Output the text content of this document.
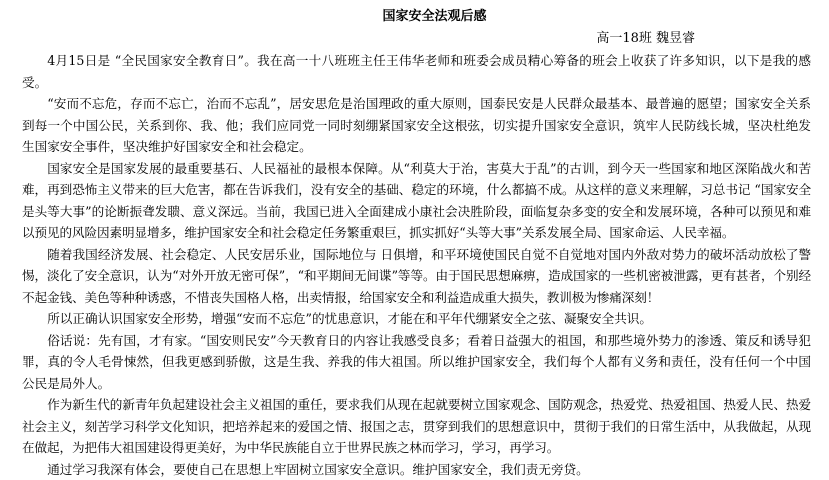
国家安全法观后感

高一18班 魏昱睿

4月15日是 “全民国家安全教育日”。我在高一十八班班主任王伟华老师和班委会成员精心筹备的班会上收获了许多知识，以下是我的感受。

“安而不忘危，存而不忘亡，治而不忘乱”，居安思危是治国理政的重大原则，国泰民安是人民群众最基本、最普遍的愿望；国家安全关系到每一个中国公民，关系到你、我、他；我们应同党一同时刻绷紧国家安全这根弦，切实提升国家安全意识，筑牢人民防线长城，坚决杜绝发生国家安全事件，坚决维护好国家安全和社会稳定。

国家安全是国家发展的最重要基石、人民福祉的最根本保障。从“利莫大于治，害莫大于乱”的古训，到今天一些国家和地区深陷战火和苦难，再到恐怖主义带来的巨大危害，都在告诉我们，没有安全的基础、稳定的环境，什么都搞不成。从这样的意义来理解，习总书记 “国家安全是头等大事”的论断振聋发聩、意义深远。当前，我国已进入全面建成小康社会决胜阶段，面临复杂多变的安全和发展环境，各种可以预见和难以预见的风险因素明显增多，维护国家安全和社会稳定任务繁重艰巨，抓实抓好“头等大事”关系发展全局、国家命运、人民幸福。

随着我国经济发展、社会稳定、人民安居乐业，国际地位与 日俱增，和平环境使国民自觉不自觉地对国内外敌对势力的破坏活动放松了警惕，淡化了安全意识，认为“对外开放无密可保”，“和平期间无间谍”等等。由于国民思想麻痹，造成国家的一些机密被泄露，更有甚者，个别经不起金钱、美色等种种诱惑，不惜丧失国格人格，出卖情报，给国家安全和利益造成重大损失，教训极为惨痛深刻！

所以正确认识国家安全形势，增强“安而不忘危”的忧患意识，才能在和平年代绷紧安全之弦、凝聚安全共识。

俗话说：先有国，才有家。“国安则民安”今天教育日的内容让我感受良多；看着日益强大的祖国，和那些境外势力的渗透、策反和诱导犯罪，真的令人毛骨悚然，但我更感到骄傲，这是生我、养我的伟大祖国。所以维护国家安全，我们每个人都有义务和责任，没有任何一个中国公民是局外人。

作为新生代的新青年负起建设社会主义祖国的重任，要求我们从现在起就要树立国家观念、国防观念，热爱党、热爱祖国、热爱人民、热爱社会主义，刻苦学习科学文化知识，把培养起来的爱国之情、报国之志，贯穿到我们的思想意识中，贯彻于我们的日常生活中，从我做起，从现在做起，为把伟大祖国建设得更美好，为中华民族能自立于世界民族之林而学习，学习，再学习。

通过学习我深有体会，要使自己在思想上牢固树立国家安全意识。维护国家安全，我们责无旁贷。
